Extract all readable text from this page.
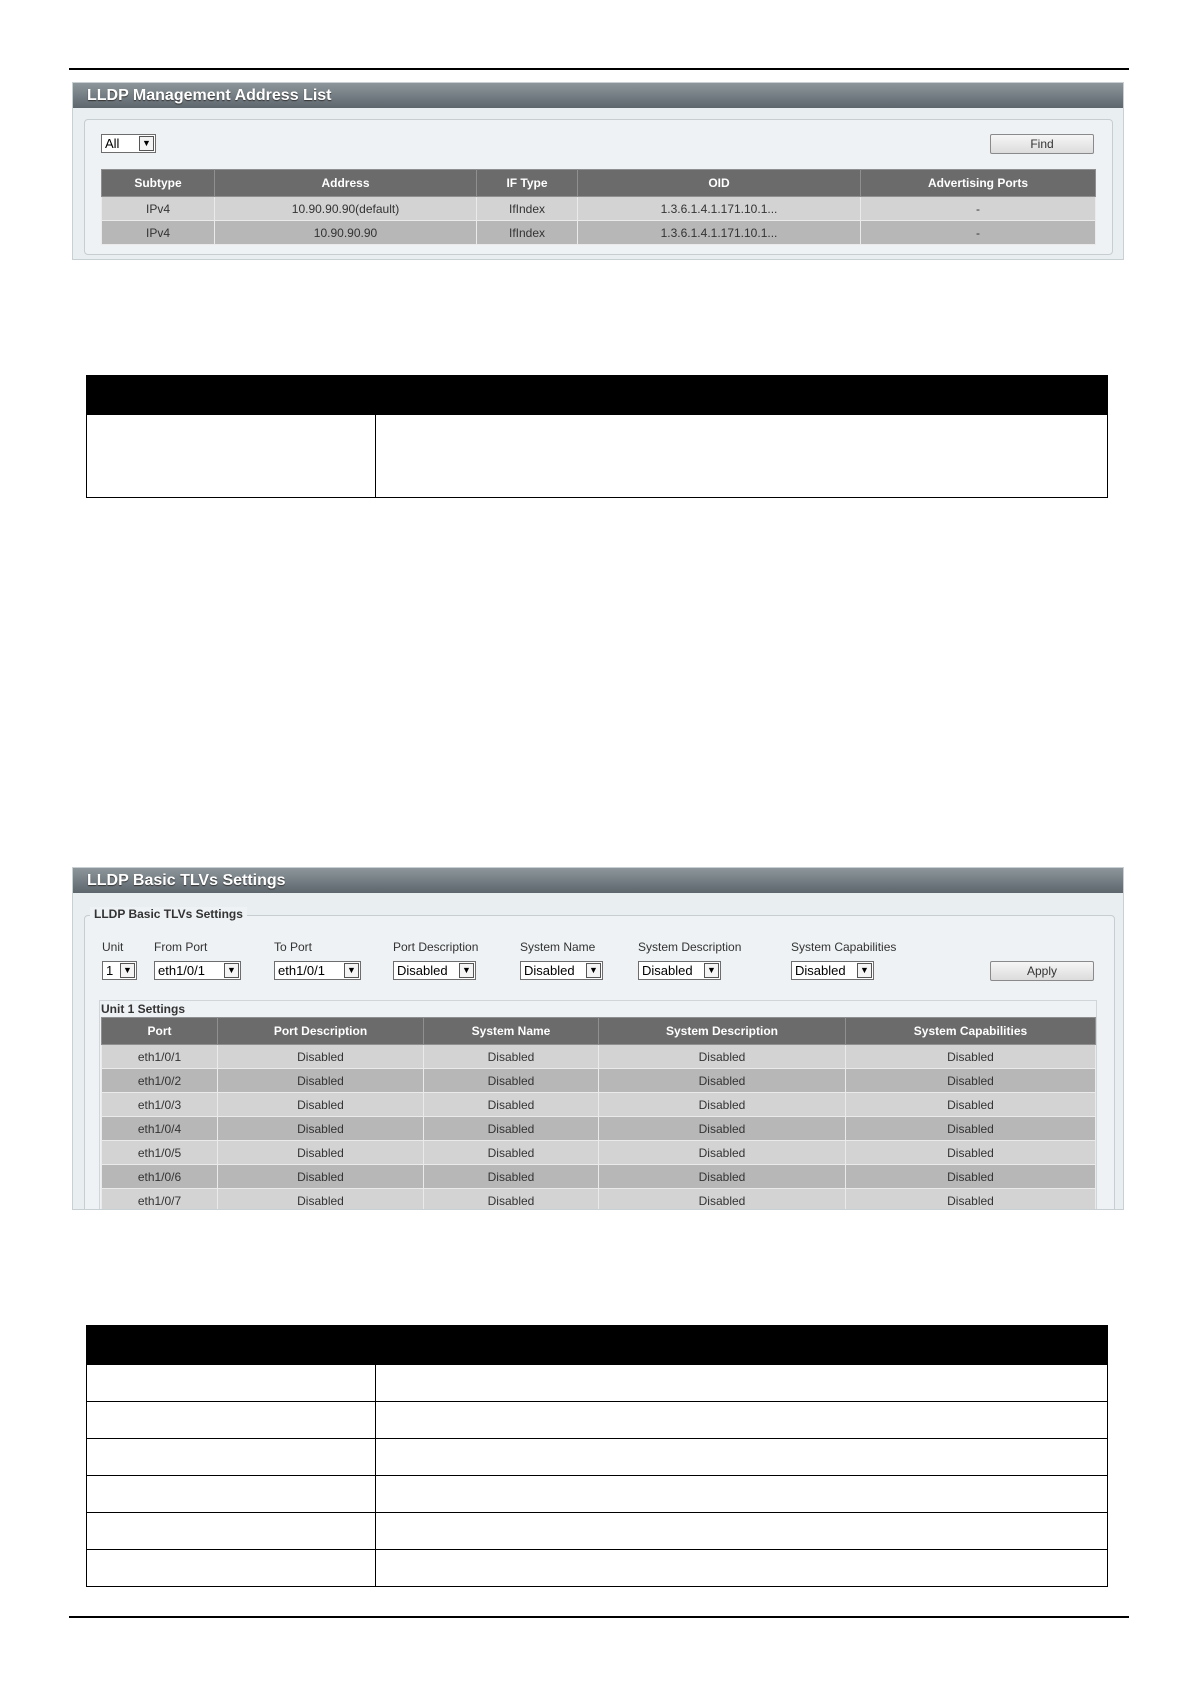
LLDP Management Address List
All	▼	Find
Subtype	Address	IF Type	OID	Advertising Ports
IPv4	10.90.90.90(default)	IfIndex	1.3.6.1.4.1.171.10.1...	-
IPv4	10.90.90.90	IfIndex	1.3.6.1.4.1.171.10.1...	-

LLDP Basic TLVs Settings
LLDP Basic TLVs Settings
Unit	From Port	To Port	Port Description	System Name	System Description	System Capabilities
1	▼	eth1/0/1	▼	eth1/0/1	▼	Disabled	▼	Disabled	▼	Disabled	▼	Disabled	▼	Apply
Unit 1 Settings
Port	Port Description	System Name	System Description	System Capabilities
eth1/0/1	Disabled	Disabled	Disabled	Disabled
eth1/0/2	Disabled	Disabled	Disabled	Disabled
eth1/0/3	Disabled	Disabled	Disabled	Disabled
eth1/0/4	Disabled	Disabled	Disabled	Disabled
eth1/0/5	Disabled	Disabled	Disabled	Disabled
eth1/0/6	Disabled	Disabled	Disabled	Disabled
eth1/0/7	Disabled	Disabled	Disabled	Disabled
